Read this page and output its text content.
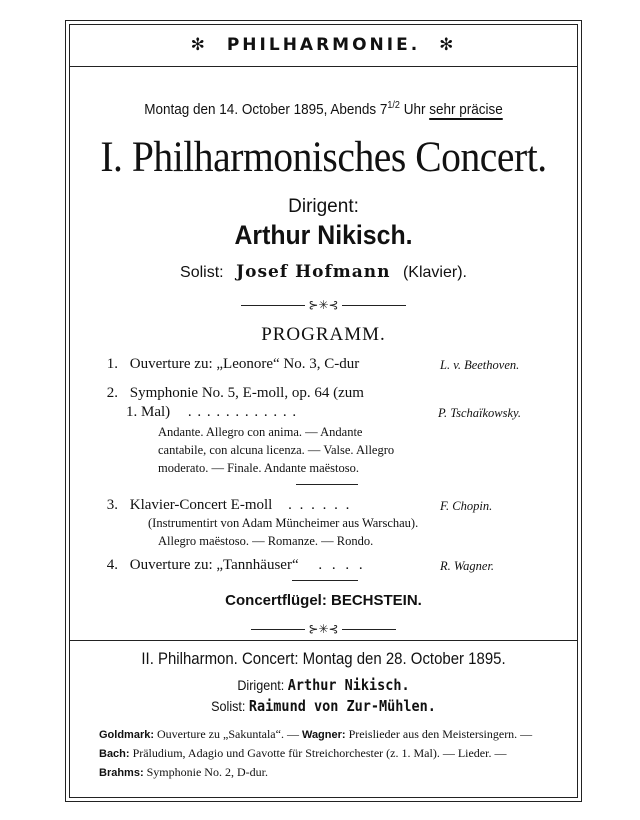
✻ PHILHARMONIE. ✻
Montag den 14. October 1895, Abends $7^{1/2}$ Uhr sehr präcise
I. Philharmonisches Concert.
Dirigent:
Arthur Nikisch.
Solist: Josef Hofmann (Klavier).
⊱✳⊰
PROGRAMM.
1. Ouverture zu: „Leonore“ No. 3, C-dur	L. v. Beethoven.
2. Symphonie No. 5, E-moll, op. 64 (zum
1. Mal) . . . . . . . . . . . .	P. Tschaïkowsky.
Andante. Allegro con anima. — Andante
cantabile, con alcuna licenza. — Valse. Allegro
moderato. — Finale. Andante maëstoso.
3. Klavier-Concert E-moll . . . . . .	F. Chopin.
(Instrumentirt von Adam Müncheimer aus Warschau).
Allegro maëstoso. — Romanze. — Rondo.
4. Ouverture zu: „Tannhäuser“ . . . .	R. Wagner.
Concertflügel: BECHSTEIN.
⊱✳⊰
II. Philharmon. Concert: Montag den 28. October 1895.
Dirigent: Arthur Nikisch.
Solist: Raimund von Zur-Mühlen.
Goldmark: Ouverture zu „Sakuntala“. — Wagner: Preislieder aus den Meistersingern. — Bach: Präludium, Adagio und Gavotte für Streichorchester (z. 1. Mal). — Lieder. — Brahms: Symphonie No. 2, D-dur.
